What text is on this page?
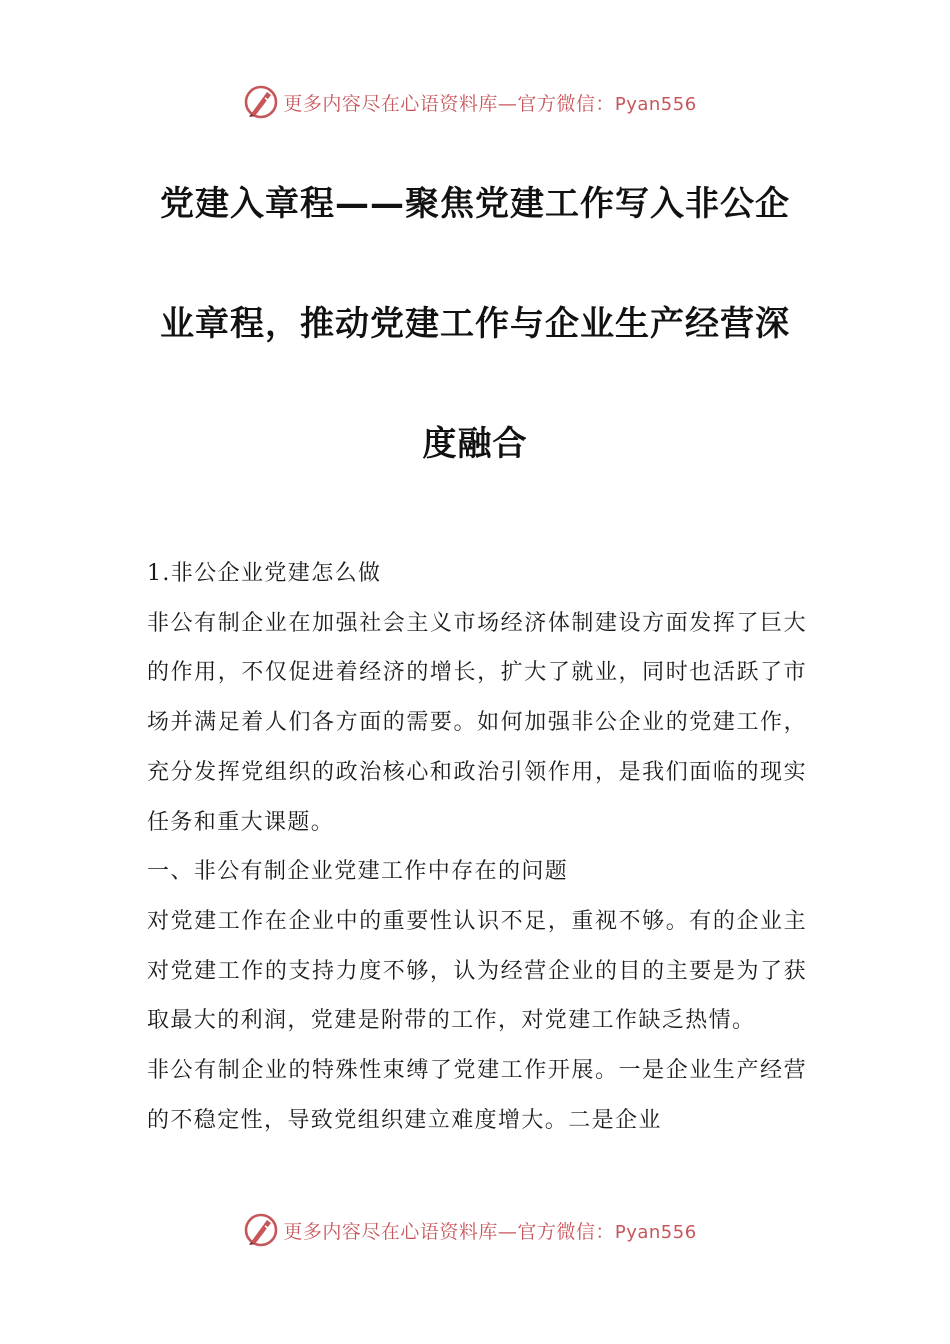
更多内容尽在心语资料库—官方微信：Pyan556
党建入章程——聚焦党建工作写入非公企
业章程，推动党建工作与企业生产经营深
度融合

1.非公企业党建怎么做

非公有制企业在加强社会主义市场经济体制建设方面发挥了巨大的作用，不仅促进着经济的增长，扩大了就业，同时也活跃了市场并满足着人们各方面的需要。如何加强非公企业的党建工作，充分发挥党组织的政治核心和政治引领作用，是我们面临的现实任务和重大课题。

一、非公有制企业党建工作中存在的问题

对党建工作在企业中的重要性认识不足，重视不够。有的企业主对党建工作的支持力度不够，认为经营企业的目的主要是为了获取最大的利润，党建是附带的工作，对党建工作缺乏热情。

非公有制企业的特殊性束缚了党建工作开展。一是企业生产经营的不稳定性，导致党组织建立难度增大。二是企业

更多内容尽在心语资料库—官方微信：Pyan556
